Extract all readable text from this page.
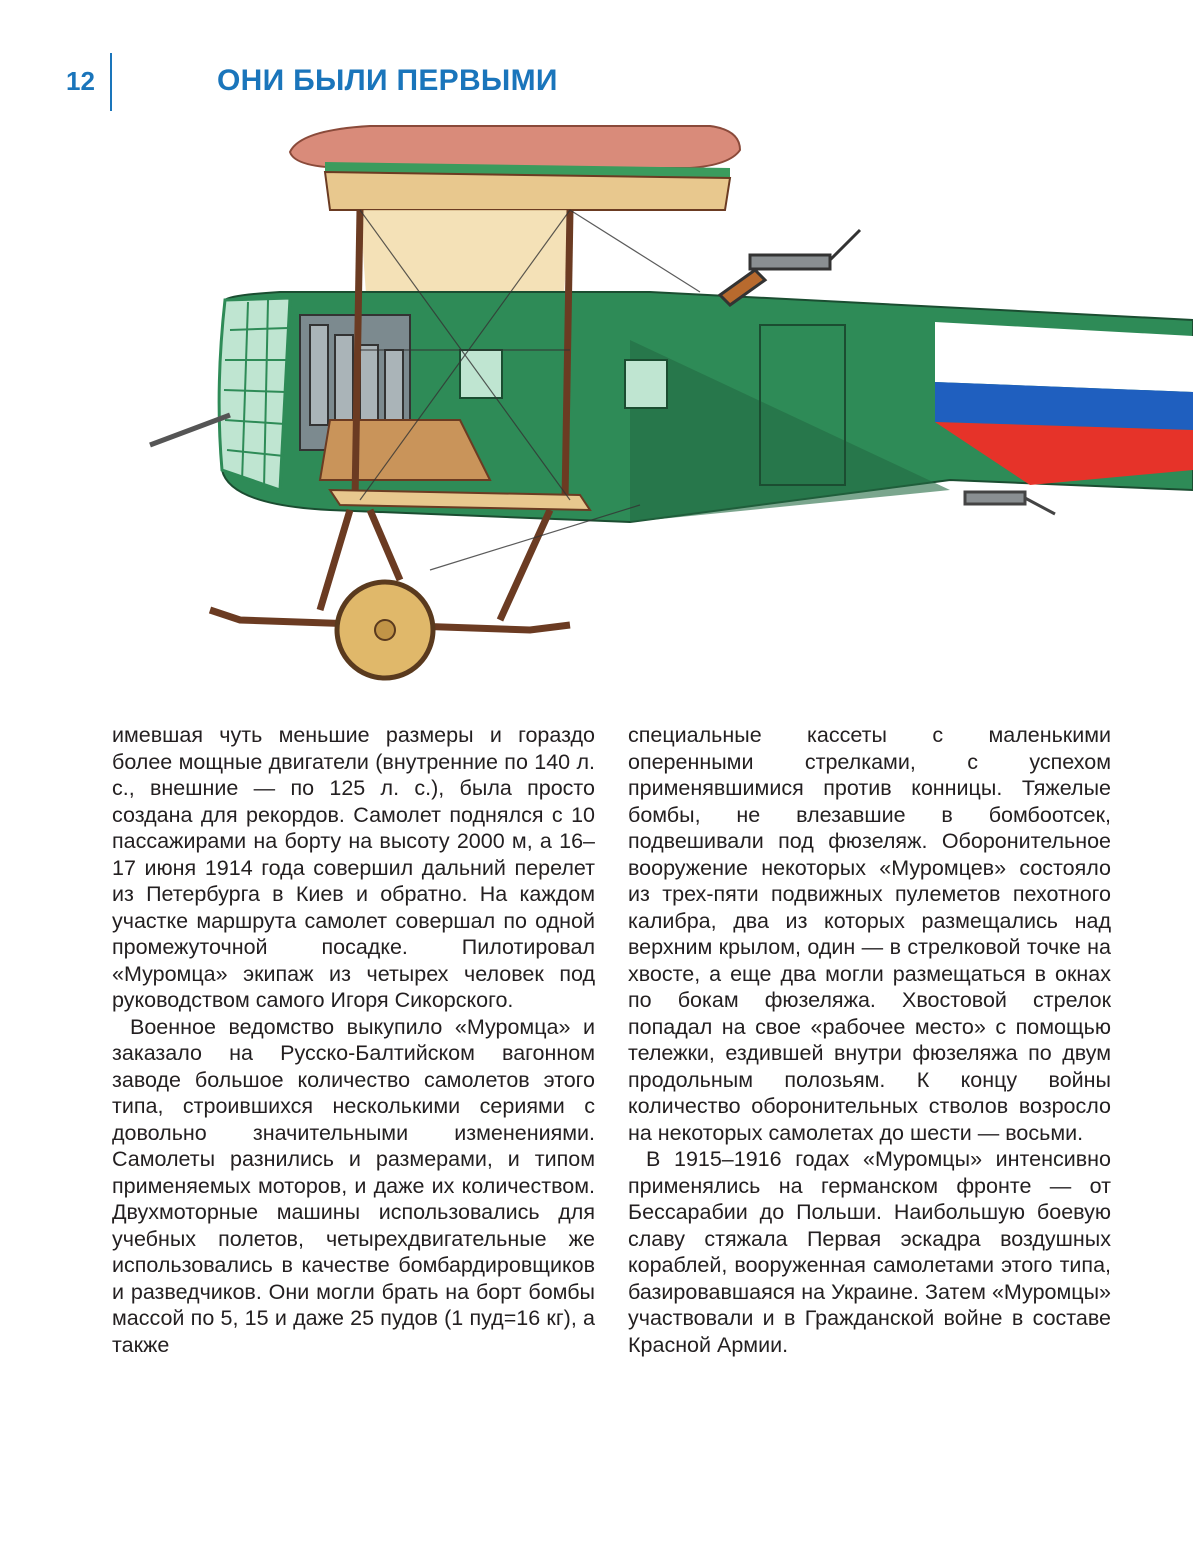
12	ОНИ БЫЛИ ПЕРВЫМИ

имевшая чуть меньшие размеры и гораздо более мощные двигатели (внутренние по 140 л. с., внешние — по 125 л. с.), была просто создана для рекордов. Самолет поднялся с 10 пассажирами на борту на высоту 2000 м, а 16–17 июня 1914 года совершил дальний перелет из Петербурга в Киев и обратно. На каждом участке маршрута самолет совершал по одной промежуточной посадке. Пилотировал «Муромца» экипаж из четырех человек под руководством самого Игоря Сикорского.

Военное ведомство выкупило «Муромца» и заказало на Русско-Балтийском вагонном заводе большое количество самолетов этого типа, строившихся несколькими сериями с довольно значительными изменениями. Самолеты разнились и размерами, и типом применяемых моторов, и даже их количеством. Двухмоторные машины использовались для учебных полетов, четырехдвигательные же использовались в качестве бомбардировщиков и разведчиков. Они могли брать на борт бомбы массой по 5, 15 и даже 25 пудов (1 пуд=16 кг), а также

специальные кассеты с маленькими оперенными стрелками, с успехом применявшимися против конницы. Тяжелые бомбы, не влезавшие в бомбоотсек, подвешивали под фюзеляж. Оборонительное вооружение некоторых «Муромцев» состояло из трех-пяти подвижных пулеметов пехотного калибра, два из которых размещались над верхним крылом, один — в стрелковой точке на хвосте, а еще два могли размещаться в окнах по бокам фюзеляжа. Хвостовой стрелок попадал на свое «рабочее место» с помощью тележки, ездившей внутри фюзеляжа по двум продольным полозьям. К концу войны количество оборонительных стволов возросло на некоторых самолетах до шести — восьми.

В 1915–1916 годах «Муромцы» интенсивно применялись на германском фронте — от Бессарабии до Польши. Наибольшую боевую славу стяжала Первая эскадра воздушных кораблей, вооруженная самолетами этого типа, базировавшаяся на Украине. Затем «Муромцы» участвовали и в Гражданской войне в составе Красной Армии.
